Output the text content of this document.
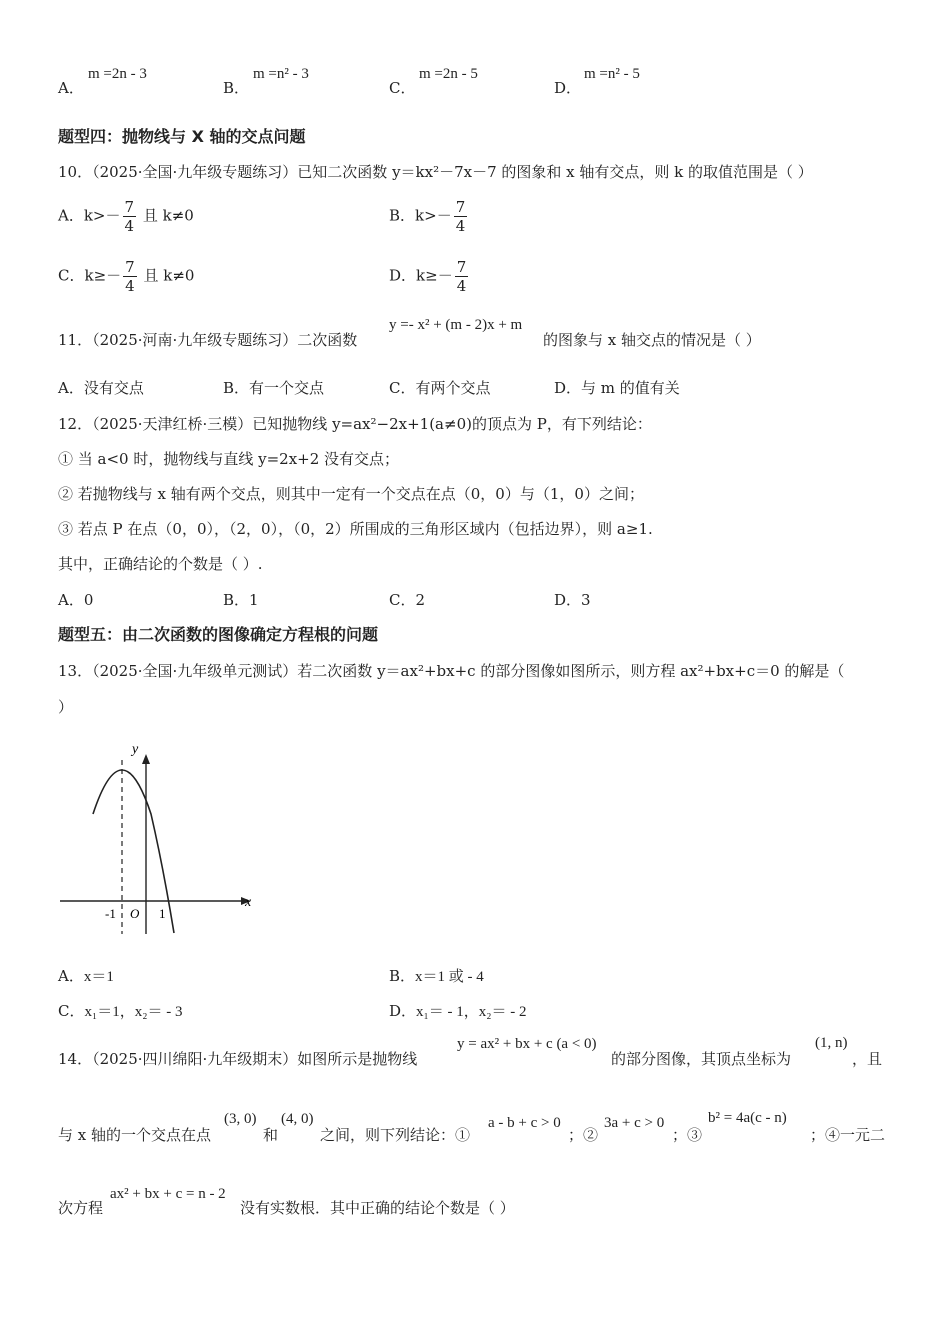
A．
m =2n - 3
B．
m =n² - 3
C．
m =2n - 5
D．
m =n² - 5
题型四：抛物线与 X 轴的交点问题
10．（2025·全国·九年级专题练习）已知二次函数 y＝kx²－7x－7 的图象和 x 轴有交点，则 k 的取值范围是（ ）
A．$k>- \frac{7}{4}$ 且 k≠0	B．$k>- \frac{7}{4}$
C．$k\ge- \frac{7}{4}$ 且 k≠0	D．$k\ge- \frac{7}{4}$
11．（2025·河南·九年级专题练习）二次函数
y =- x² + (m - 2)x + m
的图象与 x 轴交点的情况是（ ）
A．没有交点	B．有一个交点	C．有两个交点	D．与 m 的值有关
12．（2025·天津红桥·三模）已知抛物线 y=ax²−2x+1(a≠0)的顶点为 P，有下列结论：
① 当 a<0 时，抛物线与直线 y=2x+2 没有交点；
② 若抛物线与 x 轴有两个交点，则其中一定有一个交点在点（0，0）与（1，0）之间；
③ 若点 P 在点（0，0），（2，0），（0，2）所围成的三角形区域内（包括边界），则 a≥1.
其中，正确结论的个数是（ ）.
A．0	B．1	C．2	D．3
题型五：由二次函数的图像确定方程根的问题
13．（2025·全国·九年级单元测试）若二次函数 y＝ax²+bx+c 的部分图像如图所示，则方程 ax²+bx+c＝0 的解是（
）
y
x
-1 O 1
A．x＝1	B．x＝1 或 - 4
C．x₁＝1，x₂＝ - 3	D．x₁＝ - 1，x₂＝ - 2
14．（2025·四川绵阳·九年级期末）如图所示是抛物线
y = ax² + bx + c (a < 0)
的部分图像，其顶点坐标为
(1, n)
，且
与 x 轴的一个交点在点
(3, 0)
和
(4, 0)
之间，则下列结论：①
a - b + c > 0
；②
3a + c > 0
；③
b² = 4a(c - n)
；④一元二
次方程
ax² + bx + c = n - 2
没有实数根．其中正确的结论个数是（ ）
